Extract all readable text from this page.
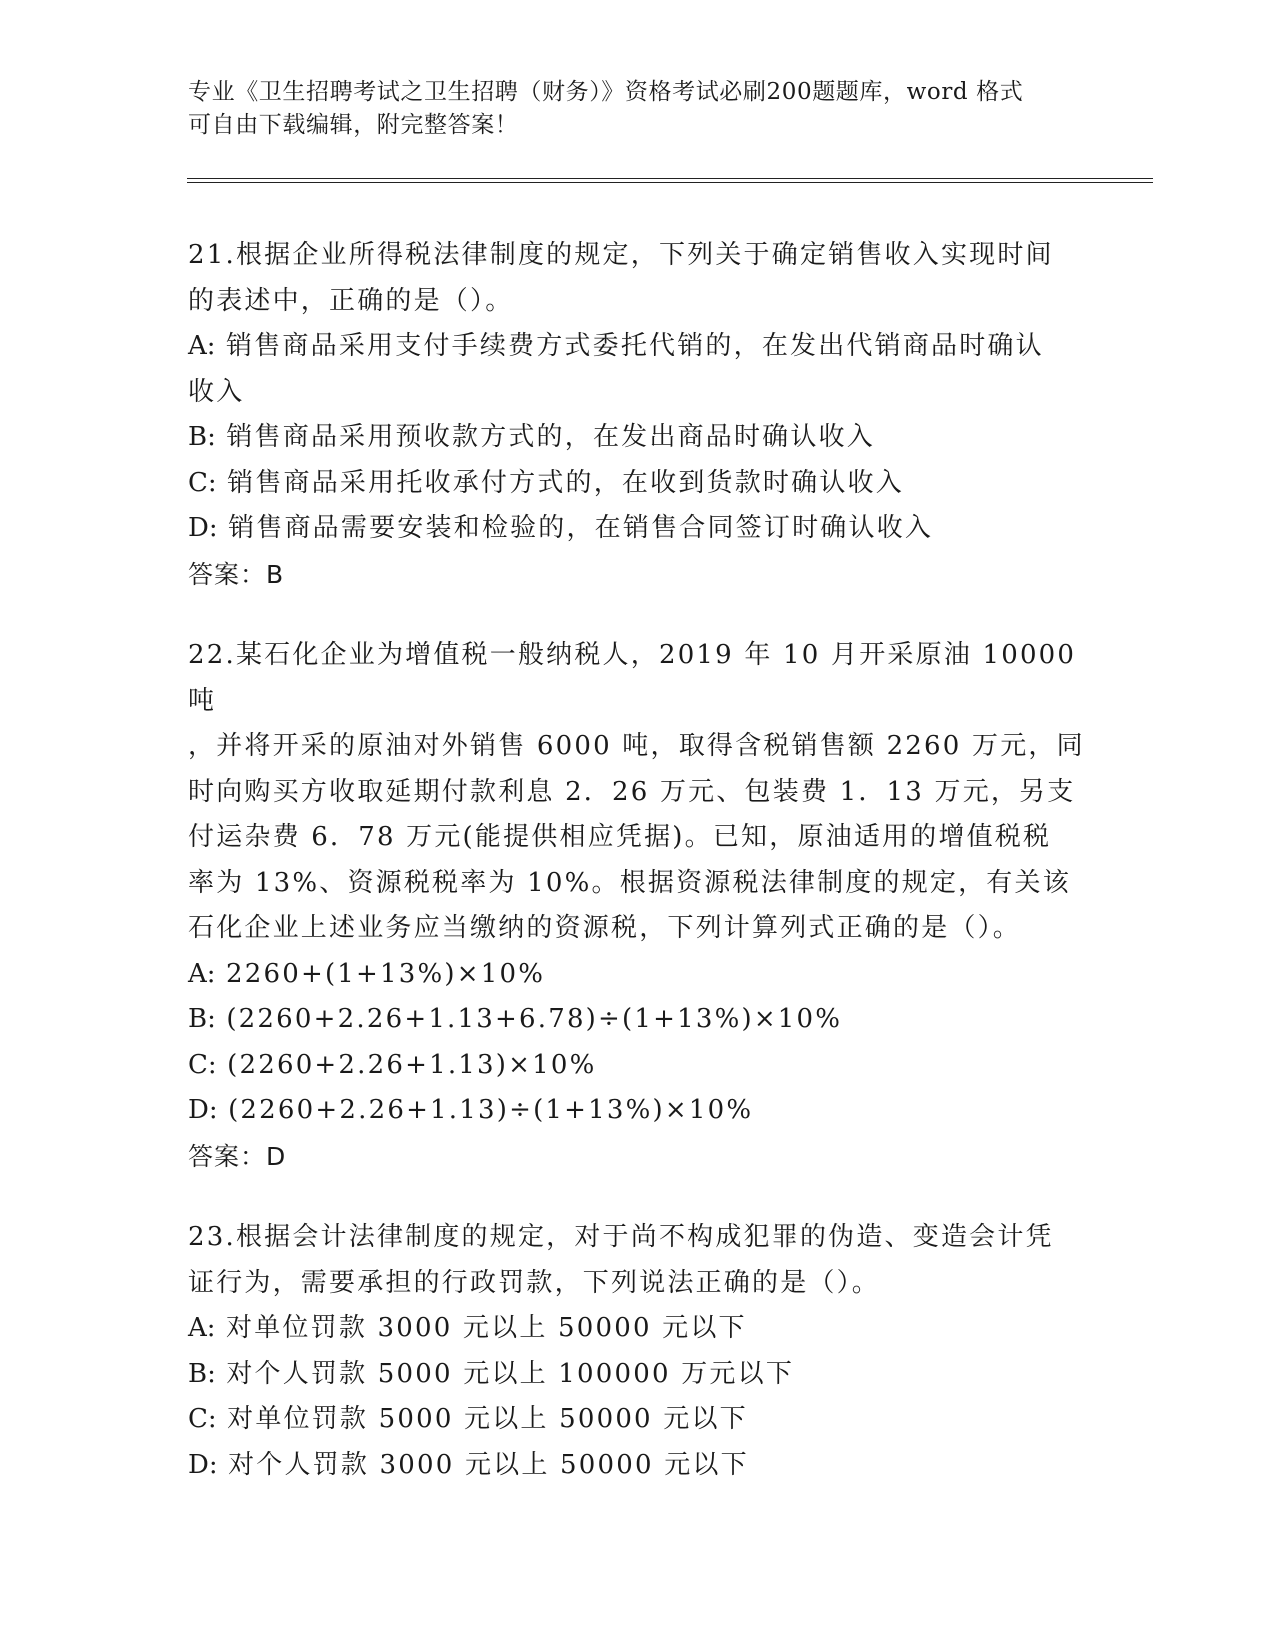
专业《卫生招聘考试之卫生招聘（财务）》资格考试必刷200题题库，word 格式
可自由下载编辑，附完整答案！

21.根据企业所得税法律制度的规定，下列关于确定销售收入实现时间

的表述中，正确的是（）。

A: 销售商品采用支付手续费方式委托代销的，在发出代销商品时确认

收入

B: 销售商品采用预收款方式的，在发出商品时确认收入

C: 销售商品采用托收承付方式的，在收到货款时确认收入

D: 销售商品需要安装和检验的，在销售合同签订时确认收入

答案：B

22.某石化企业为增值税一般纳税人，2019 年 10 月开采原油 10000 吨

，并将开采的原油对外销售 6000 吨，取得含税销售额 2260 万元，同

时向购买方收取延期付款利息 2．26 万元、包装费 1．13 万元，另支

付运杂费 6．78 万元(能提供相应凭据)。已知，原油适用的增值税税

率为 13%、资源税税率为 10%。根据资源税法律制度的规定，有关该

石化企业上述业务应当缴纳的资源税，下列计算列式正确的是（）。

A: 2260+(1+13%)×10%

B: (2260+2.26+1.13+6.78)÷(1+13%)×10%

C: (2260+2.26+1.13)×10%

D: (2260+2.26+1.13)÷(1+13%)×10%

答案：D

23.根据会计法律制度的规定，对于尚不构成犯罪的伪造、变造会计凭

证行为，需要承担的行政罚款，下列说法正确的是（）。

A: 对单位罚款 3000 元以上 50000 元以下

B: 对个人罚款 5000 元以上 100000 万元以下

C: 对单位罚款 5000 元以上 50000 元以下

D: 对个人罚款 3000 元以上 50000 元以下
